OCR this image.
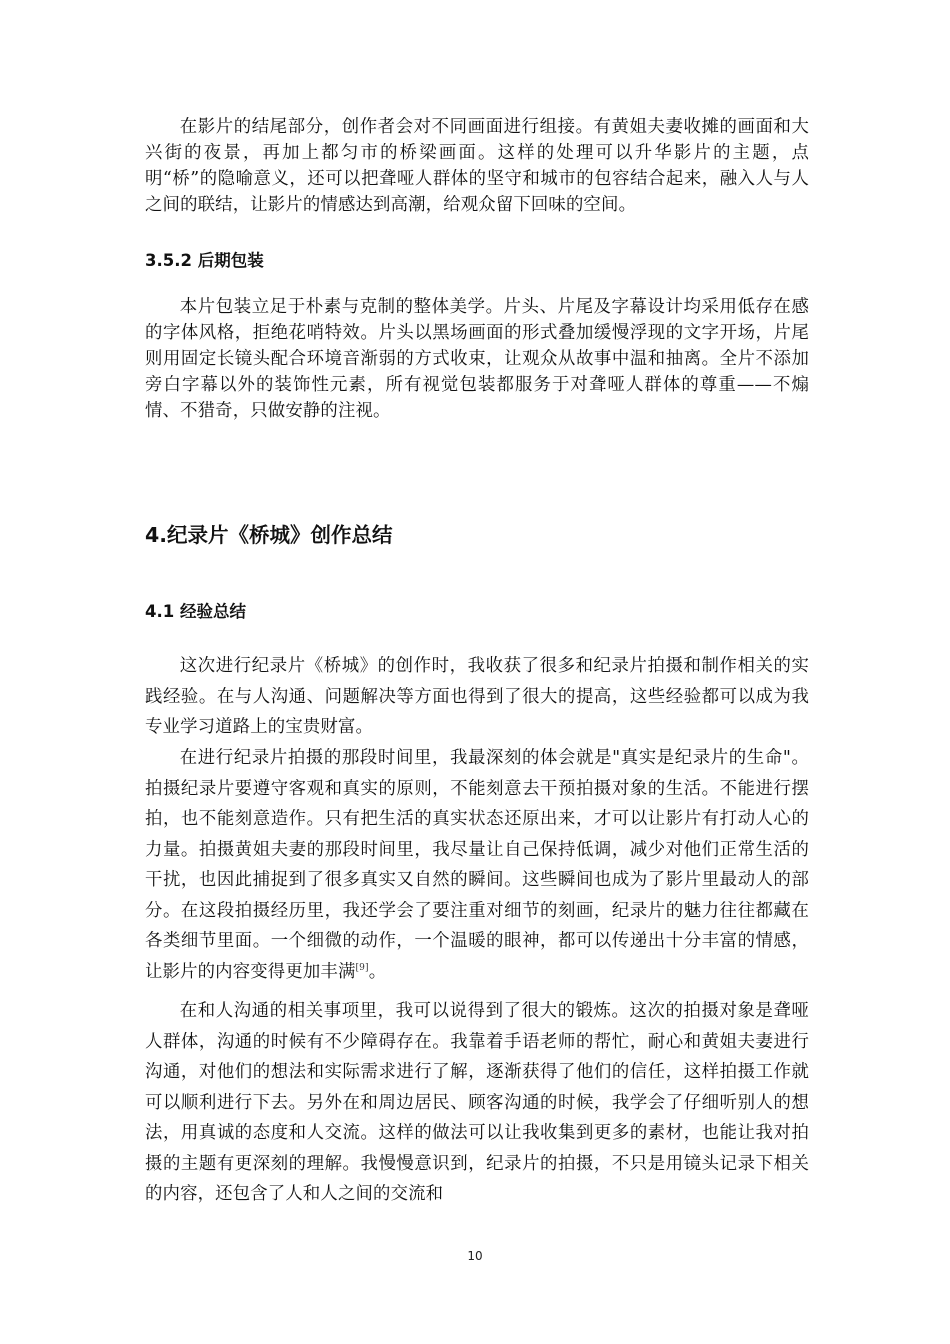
在影片的结尾部分，创作者会对不同画面进行组接。有黄姐夫妻收摊的画面和大兴街的夜景，再加上都匀市的桥梁画面。这样的处理可以升华影片的主题，点明“桥”的隐喻意义，还可以把聋哑人群体的坚守和城市的包容结合起来，融入人与人之间的联结，让影片的情感达到高潮，给观众留下回味的空间。

3.5.2 后期包装

本片包装立足于朴素与克制的整体美学。片头、片尾及字幕设计均采用低存在感的字体风格，拒绝花哨特效。片头以黑场画面的形式叠加缓慢浮现的文字开场，片尾则用固定长镜头配合环境音渐弱的方式收束，让观众从故事中温和抽离。全片不添加旁白字幕以外的装饰性元素，所有视觉包装都服务于对聋哑人群体的尊重——不煽情、不猎奇，只做安静的注视。

4.纪录片《桥城》创作总结
4.1 经验总结

这次进行纪录片《桥城》的创作时，我收获了很多和纪录片拍摄和制作相关的实践经验。在与人沟通、问题解决等方面也得到了很大的提高，这些经验都可以成为我专业学习道路上的宝贵财富。

在进行纪录片拍摄的那段时间里，我最深刻的体会就是"真实是纪录片的生命"。拍摄纪录片要遵守客观和真实的原则，不能刻意去干预拍摄对象的生活。不能进行摆拍，也不能刻意造作。只有把生活的真实状态还原出来，才可以让影片有打动人心的力量。拍摄黄姐夫妻的那段时间里，我尽量让自己保持低调，减少对他们正常生活的干扰，也因此捕捉到了很多真实又自然的瞬间。这些瞬间也成为了影片里最动人的部分。在这段拍摄经历里，我还学会了要注重对细节的刻画，纪录片的魅力往往都藏在各类细节里面。一个细微的动作，一个温暖的眼神，都可以传递出十分丰富的情感，让影片的内容变得更加丰满[9]。

在和人沟通的相关事项里，我可以说得到了很大的锻炼。这次的拍摄对象是聋哑人群体，沟通的时候有不少障碍存在。我靠着手语老师的帮忙，耐心和黄姐夫妻进行沟通，对他们的想法和实际需求进行了解，逐渐获得了他们的信任，这样拍摄工作就可以顺利进行下去。另外在和周边居民、顾客沟通的时候，我学会了仔细听别人的想法，用真诚的态度和人交流。这样的做法可以让我收集到更多的素材，也能让我对拍摄的主题有更深刻的理解。我慢慢意识到，纪录片的拍摄，不只是用镜头记录下相关的内容，还包含了人和人之间的交流和

10
